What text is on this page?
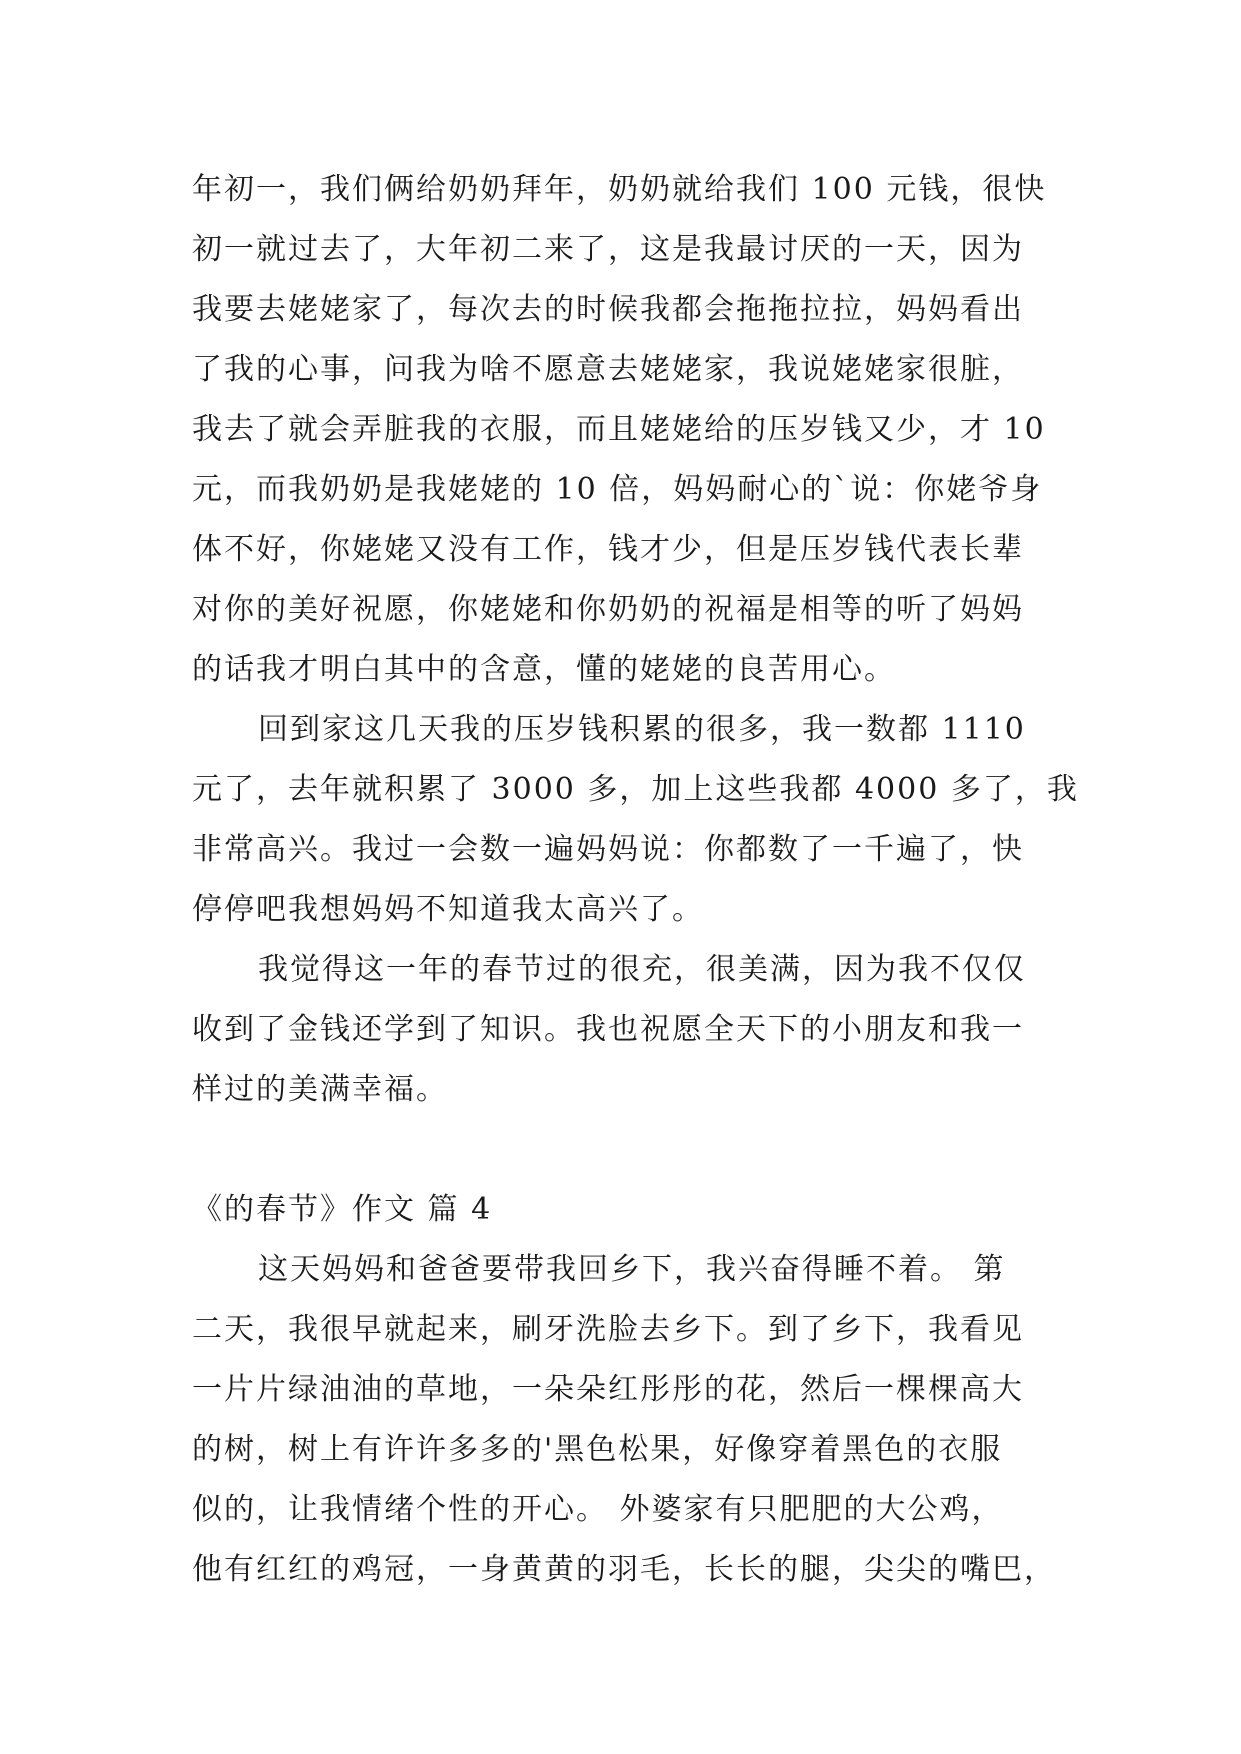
年初一，我们俩给奶奶拜年，奶奶就给我们 100 元钱，很快
初一就过去了，大年初二来了，这是我最讨厌的一天，因为
我要去姥姥家了，每次去的时候我都会拖拖拉拉，妈妈看出
了我的心事，问我为啥不愿意去姥姥家，我说姥姥家很脏，
我去了就会弄脏我的衣服，而且姥姥给的压岁钱又少，才 10
元，而我奶奶是我姥姥的 10 倍，妈妈耐心的`说：你姥爷身
体不好，你姥姥又没有工作，钱才少，但是压岁钱代表长辈
对你的美好祝愿，你姥姥和你奶奶的祝福是相等的听了妈妈
的话我才明白其中的含意，懂的姥姥的良苦用心。
回到家这几天我的压岁钱积累的很多，我一数都 1110
元了，去年就积累了 3000 多，加上这些我都 4000 多了，我
非常高兴。我过一会数一遍妈妈说：你都数了一千遍了，快
停停吧我想妈妈不知道我太高兴了。
我觉得这一年的春节过的很充，很美满，因为我不仅仅
收到了金钱还学到了知识。我也祝愿全天下的小朋友和我一
样过的美满幸福。
《的春节》作文 篇 4
这天妈妈和爸爸要带我回乡下，我兴奋得睡不着。 第
二天，我很早就起来，刷牙洗脸去乡下。到了乡下，我看见
一片片绿油油的草地，一朵朵红彤彤的花，然后一棵棵高大
的树，树上有许许多多的'黑色松果，好像穿着黑色的衣服
似的，让我情绪个性的开心。 外婆家有只肥肥的大公鸡，
他有红红的鸡冠，一身黄黄的羽毛，长长的腿，尖尖的嘴巴，
